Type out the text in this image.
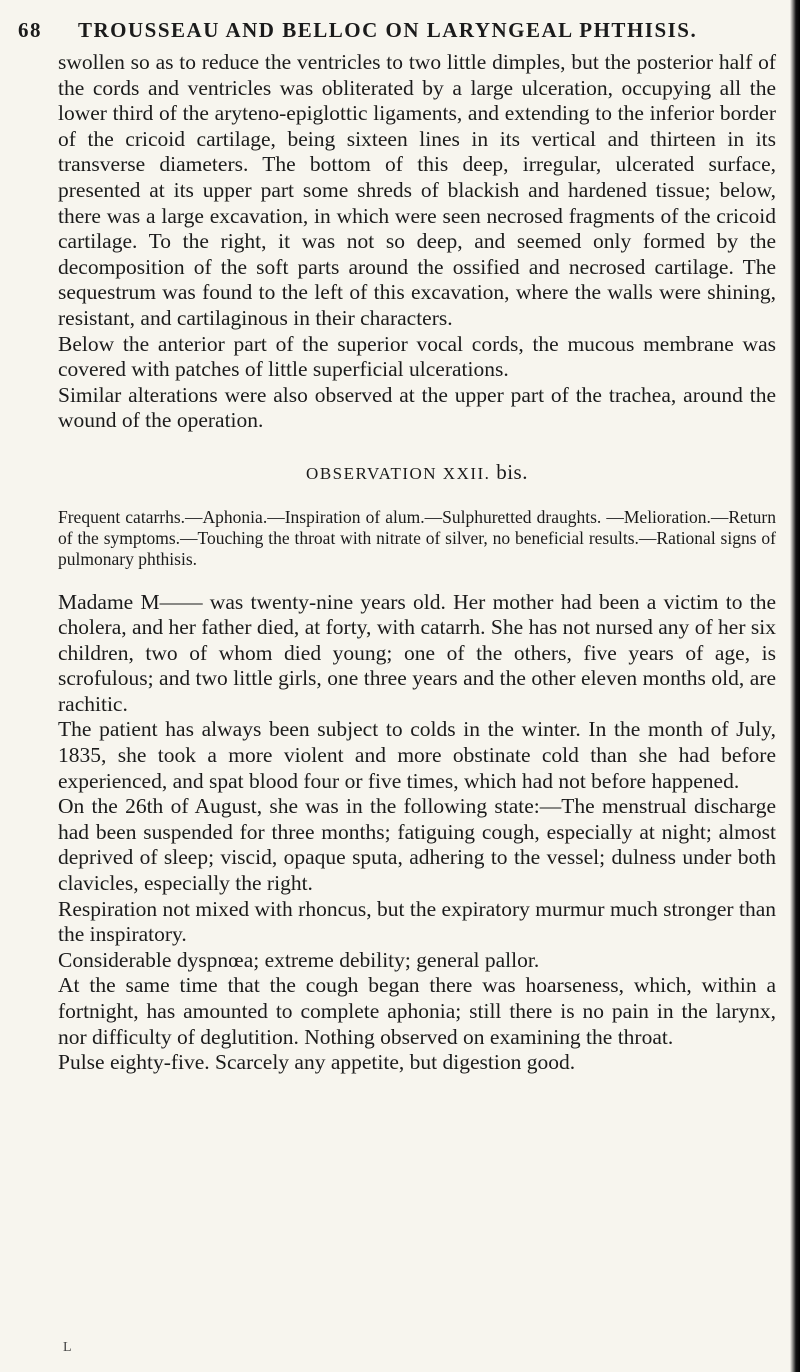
68 TROUSSEAU AND BELLOC ON LARYNGEAL PHTHISIS.

swollen so as to reduce the ventricles to two little dimples, but the posterior half of the cords and ventricles was obliterated by a large ulceration, occupying all the lower third of the aryteno-epiglottic ligaments, and extending to the inferior border of the cricoid cartilage, being sixteen lines in its vertical and thirteen in its transverse diameters. The bottom of this deep, irregular, ulcerated surface, presented at its upper part some shreds of blackish and hardened tissue; below, there was a large excavation, in which were seen necrosed fragments of the cricoid cartilage. To the right, it was not so deep, and seemed only formed by the decomposition of the soft parts around the ossified and necrosed cartilage. The sequestrum was found to the left of this excavation, where the walls were shining, resistant, and cartilaginous in their characters.

Below the anterior part of the superior vocal cords, the mucous membrane was covered with patches of little superficial ulcerations.

Similar alterations were also observed at the upper part of the trachea, around the wound of the operation.

OBSERVATION XXII. bis.

Frequent catarrhs.—Aphonia.—Inspiration of alum.—Sulphuretted draughts. —Melioration.—Return of the symptoms.—Touching the throat with nitrate of silver, no beneficial results.—Rational signs of pulmonary phthisis.

Madame M—— was twenty-nine years old. Her mother had been a victim to the cholera, and her father died, at forty, with catarrh. She has not nursed any of her six children, two of whom died young; one of the others, five years of age, is scrofulous; and two little girls, one three years and the other eleven months old, are rachitic.

The patient has always been subject to colds in the winter. In the month of July, 1835, she took a more violent and more obstinate cold than she had before experienced, and spat blood four or five times, which had not before happened.

On the 26th of August, she was in the following state:—The menstrual discharge had been suspended for three months; fatiguing cough, especially at night; almost deprived of sleep; viscid, opaque sputa, adhering to the vessel; dulness under both clavicles, especially the right.

Respiration not mixed with rhoncus, but the expiratory murmur much stronger than the inspiratory.

Considerable dyspnœa; extreme debility; general pallor.

At the same time that the cough began there was hoarseness, which, within a fortnight, has amounted to complete aphonia; still there is no pain in the larynx, nor difficulty of deglutition. Nothing observed on examining the throat.

Pulse eighty-five. Scarcely any appetite, but digestion good.

L
